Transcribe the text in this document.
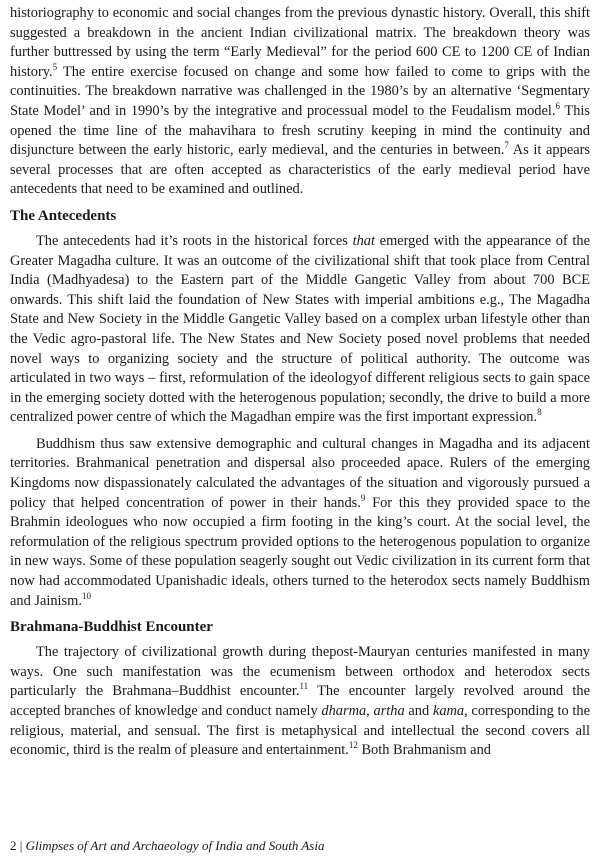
historiography to economic and social changes from the previous dynastic history. Overall, this shift suggested a breakdown in the ancient Indian civilizational matrix. The breakdown theory was further buttressed by using the term “Early Medieval” for the period 600 CE to 1200 CE of Indian history.$^5$ The entire exercise focused on change and some how failed to come to grips with the continuities. The breakdown narrative was challenged in the 1980’s by an alternative ‘Segmentary State Model’ and in 1990’s by the integrative and processual model to the Feudalism model.$^6$ This opened the time line of the mahavihara to fresh scrutiny keeping in mind the continuity and disjuncture between the early historic, early medieval, and the centuries in between.$^7$ As it appears several processes that are often accepted as characteristics of the early medieval period have antecedents that need to be examined and outlined.

The Antecedents

The antecedents had it’s roots in the historical forces that emerged with the appearance of the Greater Magadha culture. It was an outcome of the civilizational shift that took place from Central India (Madhyadesa) to the Eastern part of the Middle Gangetic Valley from about 700 BCE onwards. This shift laid the foundation of New States with imperial ambitions e.g., The Magadha State and New Society in the Middle Gangetic Valley based on a complex urban lifestyle other than the Vedic agro-pastoral life. The New States and New Society posed novel problems that needed novel ways to organizing society and the structure of political authority. The outcome was articulated in two ways – first, reformulation of the ideologyof different religious sects to gain space in the emerging society dotted with the heterogenous population; secondly, the drive to build a more centralized power centre of which the Magadhan empire was the first important expression.$^8$

Buddhism thus saw extensive demographic and cultural changes in Magadha and its adjacent territories. Brahmanical penetration and dispersal also proceeded apace. Rulers of the emerging Kingdoms now dispassionately calculated the advantages of the situation and vigorously pursued a policy that helped concentration of power in their hands.$^9$ For this they provided space to the Brahmin ideologues who now occupied a firm footing in the king’s court. At the social level, the reformulation of the religious spectrum provided options to the heterogenous population to organize in new ways. Some of these population seagerly sought out Vedic civilization in its current form that now had accommodated Upanishadic ideals, others turned to the heterodox sects namely Buddhism and Jainism.$^{10}$

Brahmana-Buddhist Encounter

The trajectory of civilizational growth during thepost-Mauryan centuries manifested in many ways. One such manifestation was the ecumenism between orthodox and heterodox sects particularly the Brahmana–Buddhist encounter.$^{11}$ The encounter largely revolved around the accepted branches of knowledge and conduct namely dharma, artha and kama, corresponding to the religious, material, and sensual. The first is metaphysical and intellectual the second covers all economic, third is the realm of pleasure and entertainment.$^{12}$ Both Brahmanism and

2 | Glimpses of Art and Archaeology of India and South Asia
